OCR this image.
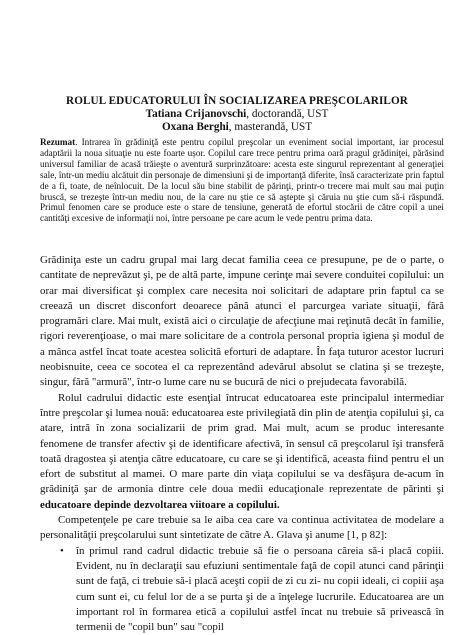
ROLUL EDUCATORULUI ÎN SOCIALIZAREA PREŞCOLARILOR
Tatiana Crijanovschi, doctorandă, UST
Oxana Berghi, masterandă, UST
Rezumat. Intrarea în grădiniţă este pentru copilul preşcolar un eveniment social important, iar procesul adaptării la noua situaţie nu este foarte ușor. Copilul care trece pentru prima oară pragul grădiniţei, părăsind universul familiar de acasă trăieşte o aventură surprinzătoare: acesta este singurul reprezentant al generaţiei sale, într-un mediu alcătuit din personaje de dimensiuni şi de importanţă diferite, însă caracterizate prin faptul de a fi, toate, de neînlocuit. De la locul său bine stabilit de părinţi, printr-o trecere mai mult sau mai puţin bruscă, se trezeşte într-un mediu nou, de la care nu ştie ce să aştepte şi căruia nu ştie cum să-i răspundă. Primul fenomen care se produce este o stare de tensiune, generată de efortul stocării de către copil a unei cantităţi excesive de informaţii noi, între persoane pe care acum le vede pentru prima data.

Grădiniţa este un cadru grupal mai larg decat familia ceea ce presupune, pe de o parte, o cantitate de neprevăzut şi, pe de altă parte, impune cerinţe mai severe conduitei copilului: un orar mai diversificat şi complex care necesita noi solicitari de adaptare prin faptul ca se creează un discret disconfort deoarece până atunci el parcurgea variate situaţii, fără programări clare. Mai mult, există aici o circulaţie de afecţiune mai reţinută decât în familie, rigori reverenţioase, o mai mare solicitare de a controla personal propria igiena şi modul de a mânca astfel încat toate acestea solicită eforturi de adaptare. În faţa tuturor acestor lucruri neobisnuite, ceea ce socotea el ca reprezentând adevărul absolut se clatina şi se trezeşte, singur, fără "armură", într-o lume care nu se bucură de nici o prejudecata favorabilă.

Rolul cadrului didactic este esenţial întrucat educatoarea este principalul intermediar între preşcolar şi lumea nouă: educatoarea este privilegiată din plin de atenţia copilului şi, ca atare, intră în zona socializarii de prim grad. Mai mult, acum se produc interesante fenomene de transfer afectiv şi de identificare afectivă, în sensul că preşcolarul îşi transferă toată dragostea şi atenţia către educatoare, cu care se şi identifică, aceasta fiind pentru el un efort de substitut al mamei. O mare parte din viaţa copilului se va desfăşura de-acum în grădiniţă şar de armonia dintre cele doua medii educaţionale reprezentate de părinti şi educatoare depinde dezvoltarea viitoare a copilului.

Competenţele pe care trebuie sa le aiba cea care va continua activitatea de modelare a personalităţii preşcolarului sunt sintetizate de către A. Glava şi anume [1, p 82]:

•	în primul rand cadrul didactic trebuie să fie o persoana căreia să-i placă copiii. Evident, nu în declaraţii sau efuziuni sentimentale faţă de copil atunci cand părinţii sunt de faţă, ci trebuie să-i placă aceşti copii de zi cu zi- nu copii ideali, ci copiii aşa cum sunt ei, cu felul lor de a se purta şi de a înţelege lucrurile. Educatoarea are un important rol în formarea etică a copilului astfel încat nu trebuie să privească în termenii de "copil bun" sau "copil
